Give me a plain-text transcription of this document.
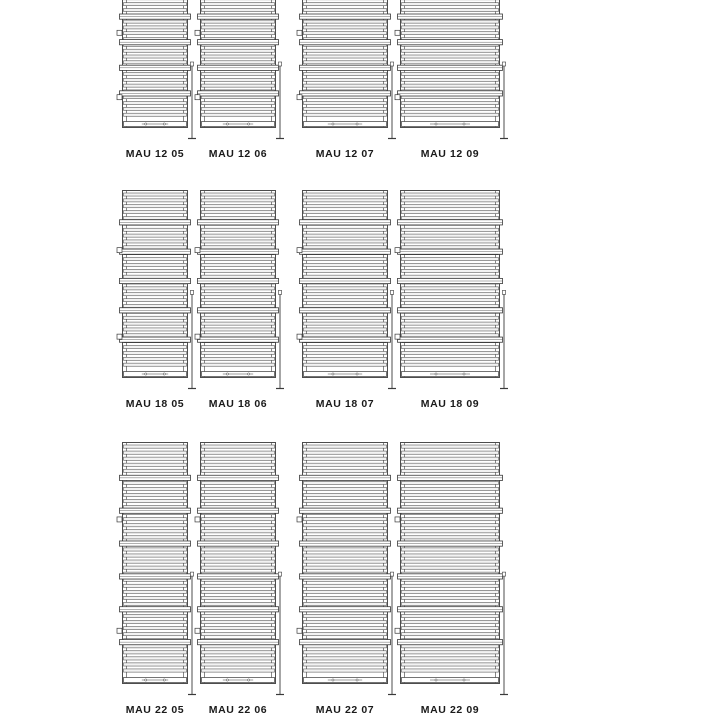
MAU 12 05 MAU 12 06	MAU 12 07	MAU 12 09
MAU 18 05 MAU 18 06	MAU 18 07	MAU 18 09
MAU 22 05 MAU 22 06	MAU 22 07	MAU 22 09
